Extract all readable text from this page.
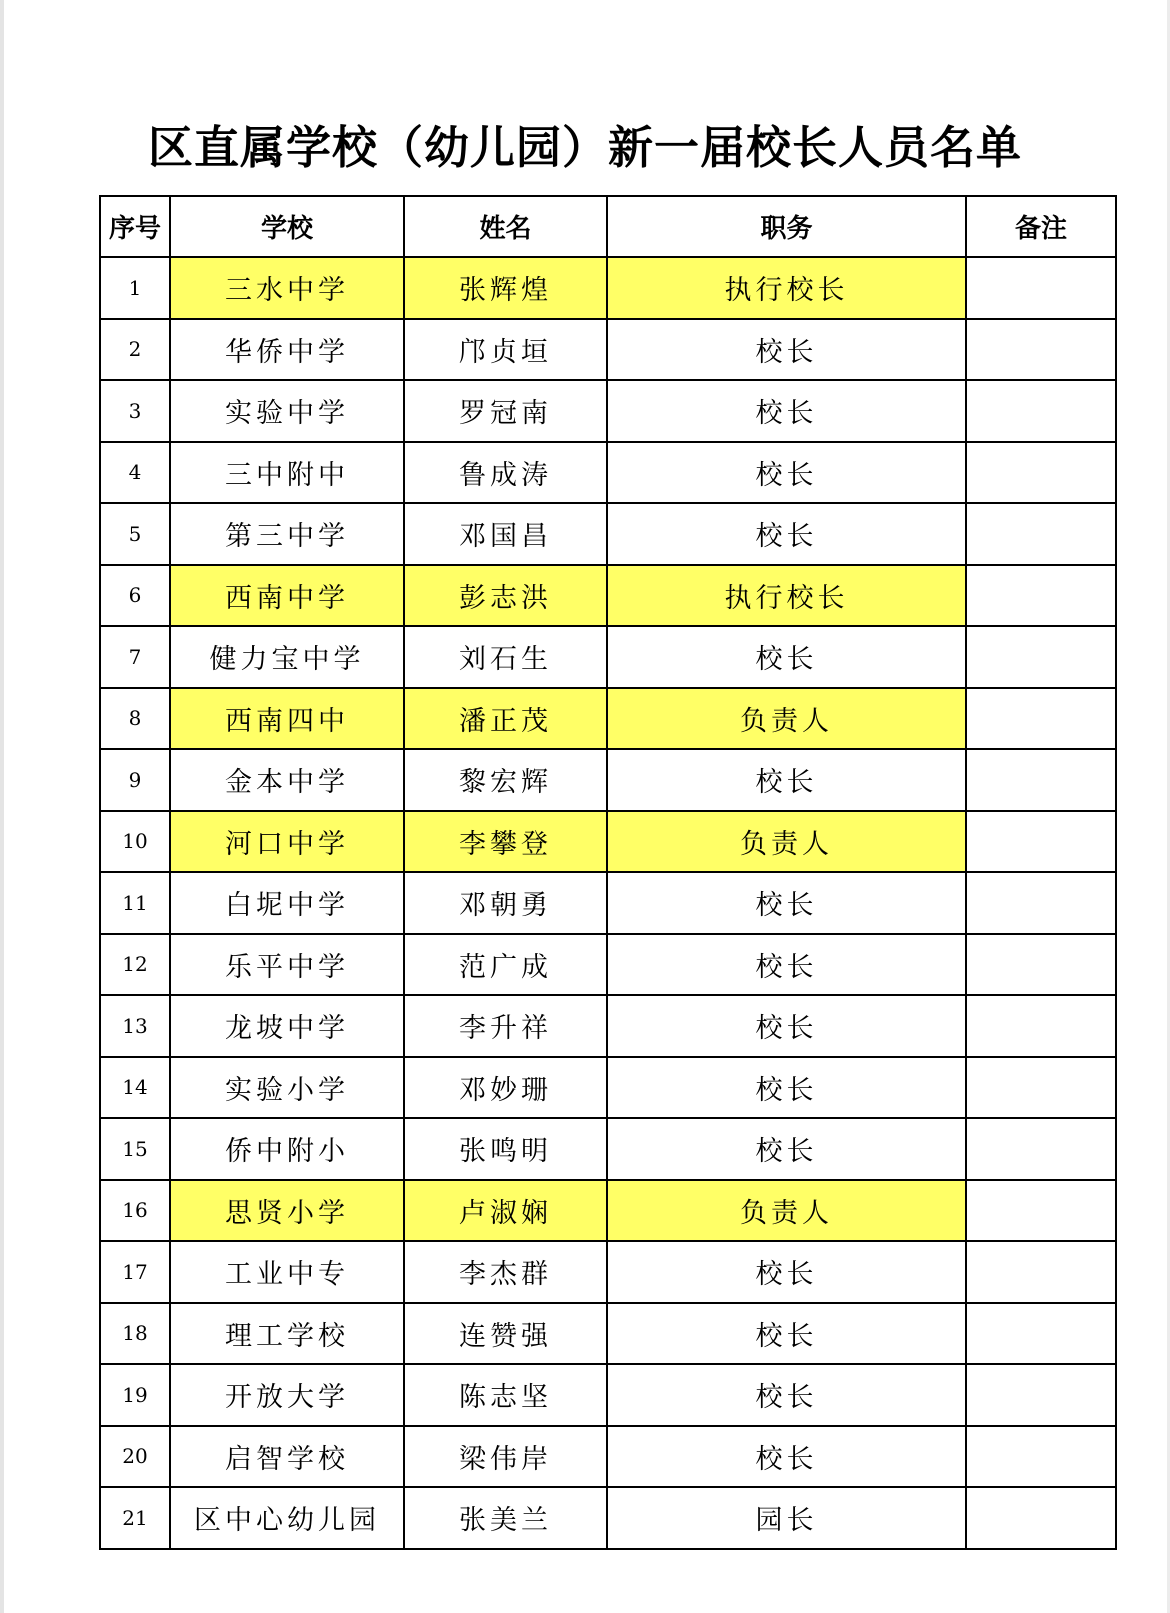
区直属学校（幼儿园）新一届校长人员名单
序号	学校	姓名	职务	备注
1	三水中学	张辉煌	执行校长	
2	华侨中学	邝贞垣	校长	
3	实验中学	罗冠南	校长	
4	三中附中	鲁成涛	校长	
5	第三中学	邓国昌	校长	
6	西南中学	彭志洪	执行校长	
7	健力宝中学	刘石生	校长	
8	西南四中	潘正茂	负责人	
9	金本中学	黎宏辉	校长	
10	河口中学	李攀登	负责人	
11	白坭中学	邓朝勇	校长	
12	乐平中学	范广成	校长	
13	龙坡中学	李升祥	校长	
14	实验小学	邓妙珊	校长	
15	侨中附小	张鸣明	校长	
16	思贤小学	卢淑娴	负责人	
17	工业中专	李杰群	校长	
18	理工学校	连赞强	校长	
19	开放大学	陈志坚	校长	
20	启智学校	梁伟岸	校长	
21	区中心幼儿园	张美兰	园长	
